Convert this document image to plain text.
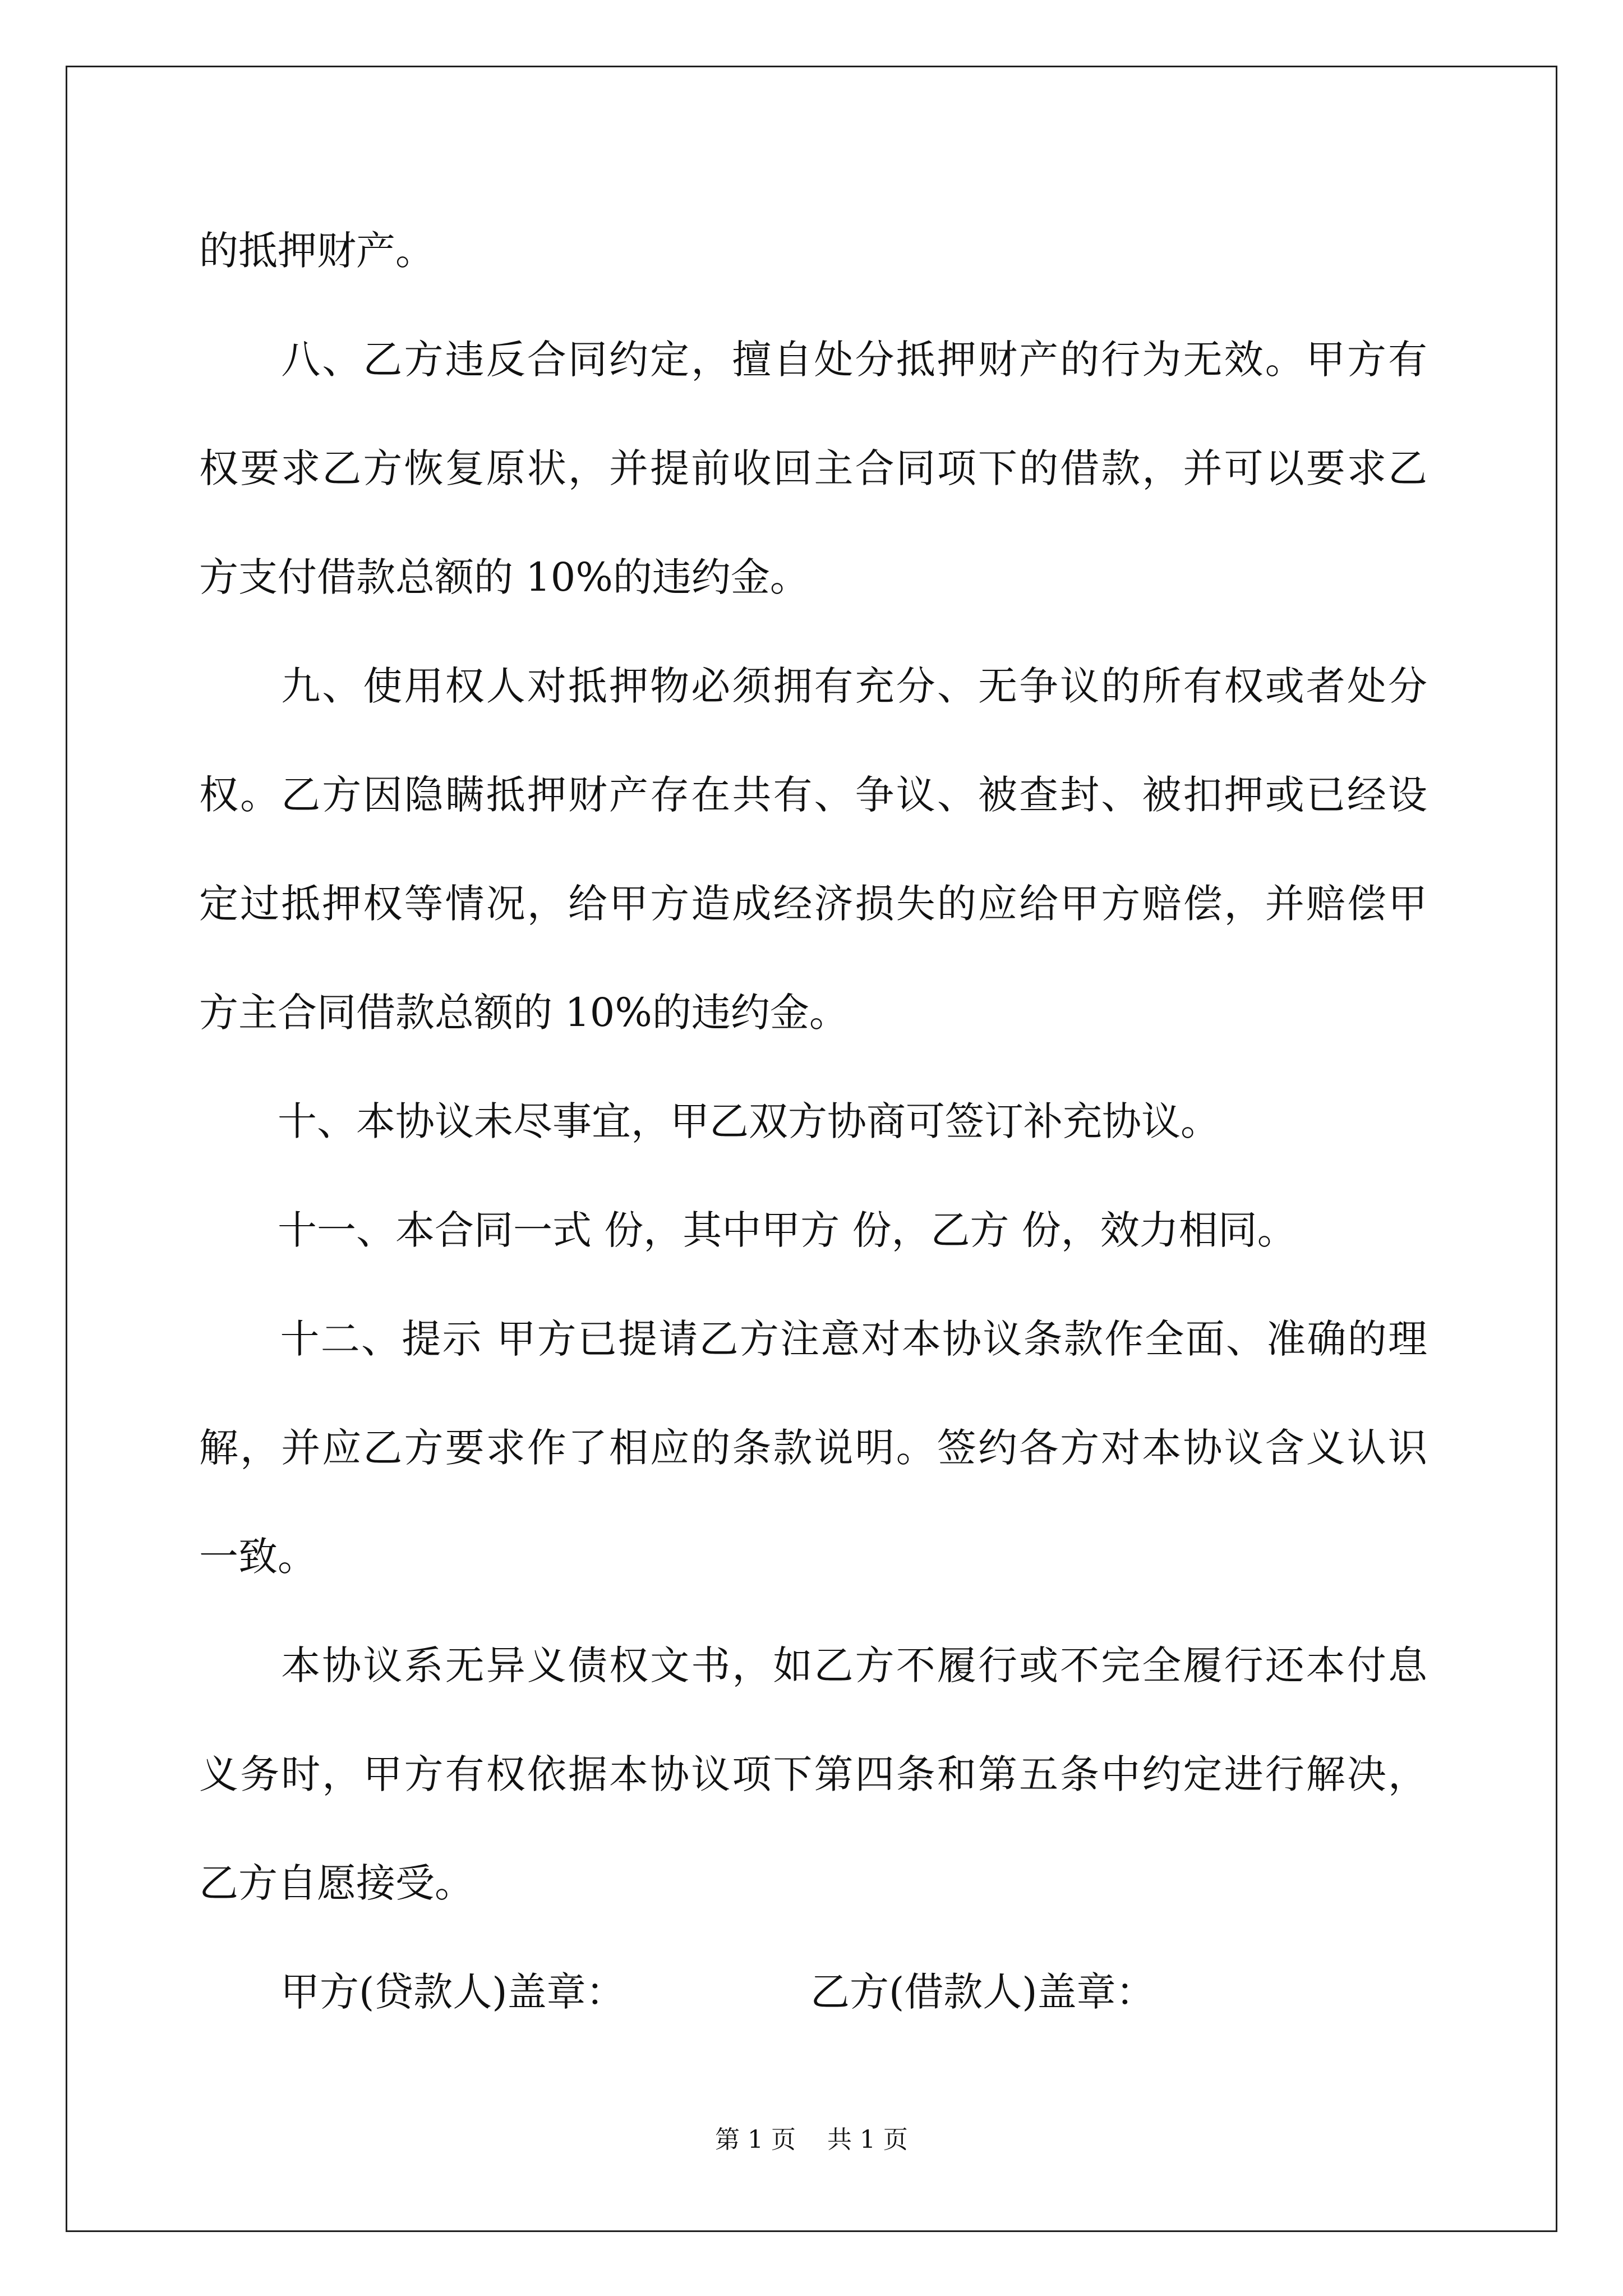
的抵押财产。
　　八、乙方违反合同约定，擅自处分抵押财产的行为无效。甲方有
权要求乙方恢复原状，并提前收回主合同项下的借款，并可以要求乙
方支付借款总额的 10%的违约金。
　　九、使用权人对抵押物必须拥有充分、无争议的所有权或者处分
权。乙方因隐瞒抵押财产存在共有、争议、被查封、被扣押或已经设
定过抵押权等情况，给甲方造成经济损失的应给甲方赔偿，并赔偿甲
方主合同借款总额的 10%的违约金。
　　十、本协议未尽事宜，甲乙双方协商可签订补充协议。
　　十一、本合同一式 份，其中甲方 份，乙方 份，效力相同。
　　十二、提示 甲方已提请乙方注意对本协议条款作全面、准确的理
解，并应乙方要求作了相应的条款说明。签约各方对本协议含义认识
一致。
　　本协议系无异义债权文书，如乙方不履行或不完全履行还本付息
义务时，甲方有权依据本协议项下第四条和第五条中约定进行解决，
乙方自愿接受。
甲方(贷款人)盖章：	乙方(借款人)盖章：
第 1 页 共 1 页
